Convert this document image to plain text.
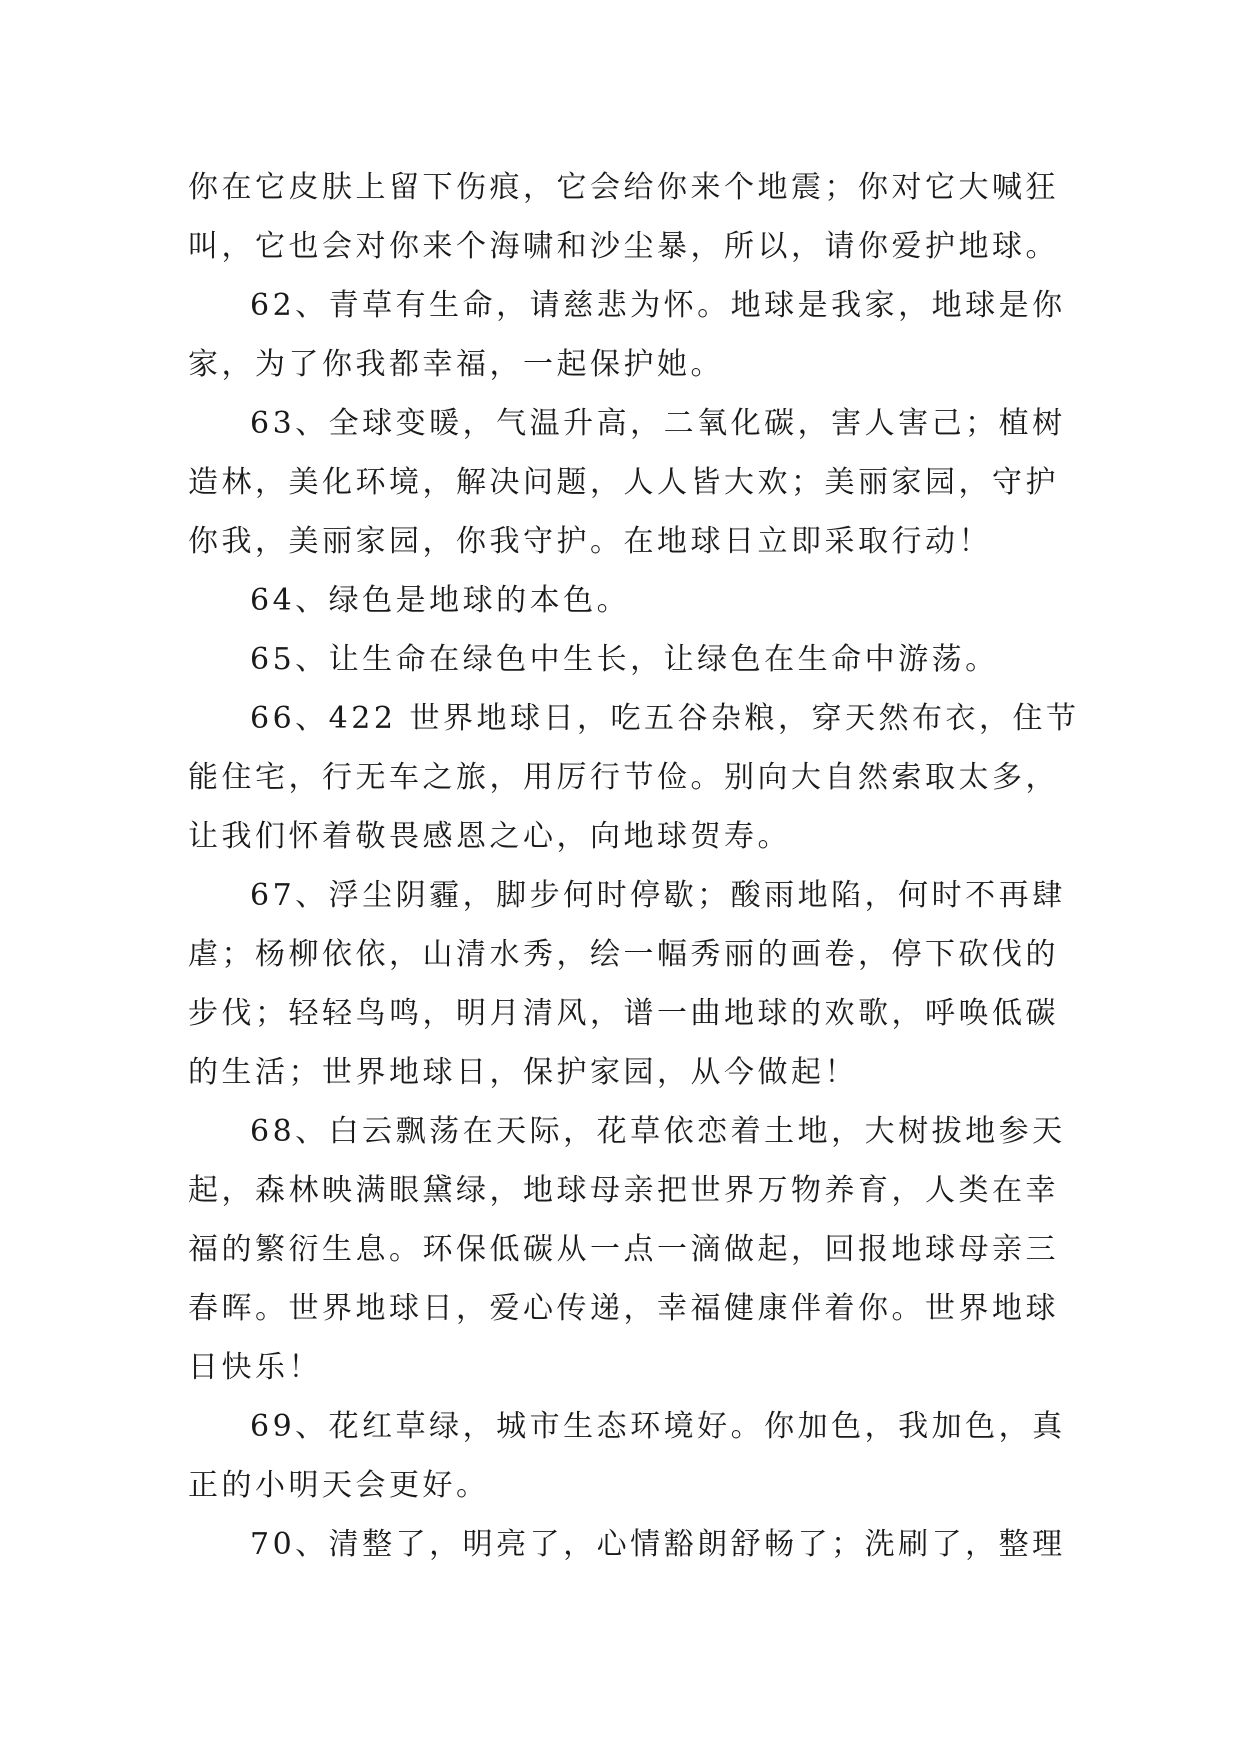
你在它皮肤上留下伤痕，它会给你来个地震；你对它大喊狂
叫，它也会对你来个海啸和沙尘暴，所以，请你爱护地球。
62、青草有生命，请慈悲为怀。地球是我家，地球是你
家，为了你我都幸福，一起保护她。
63、全球变暖，气温升高，二氧化碳，害人害己；植树
造林，美化环境，解决问题，人人皆大欢；美丽家园，守护
你我，美丽家园，你我守护。在地球日立即采取行动！
64、绿色是地球的本色。
65、让生命在绿色中生长，让绿色在生命中游荡。
66、422 世界地球日，吃五谷杂粮，穿天然布衣，住节
能住宅，行无车之旅，用厉行节俭。别向大自然索取太多，
让我们怀着敬畏感恩之心，向地球贺寿。
67、浮尘阴霾，脚步何时停歇；酸雨地陷，何时不再肆
虐；杨柳依依，山清水秀，绘一幅秀丽的画卷，停下砍伐的
步伐；轻轻鸟鸣，明月清风，谱一曲地球的欢歌，呼唤低碳
的生活；世界地球日，保护家园，从今做起！
68、白云飘荡在天际，花草依恋着土地，大树拔地参天
起，森林映满眼黛绿，地球母亲把世界万物养育，人类在幸
福的繁衍生息。环保低碳从一点一滴做起，回报地球母亲三
春晖。世界地球日，爱心传递，幸福健康伴着你。世界地球
日快乐！
69、花红草绿，城市生态环境好。你加色，我加色，真
正的小明天会更好。
70、清整了，明亮了，心情豁朗舒畅了；洗刷了，整理
